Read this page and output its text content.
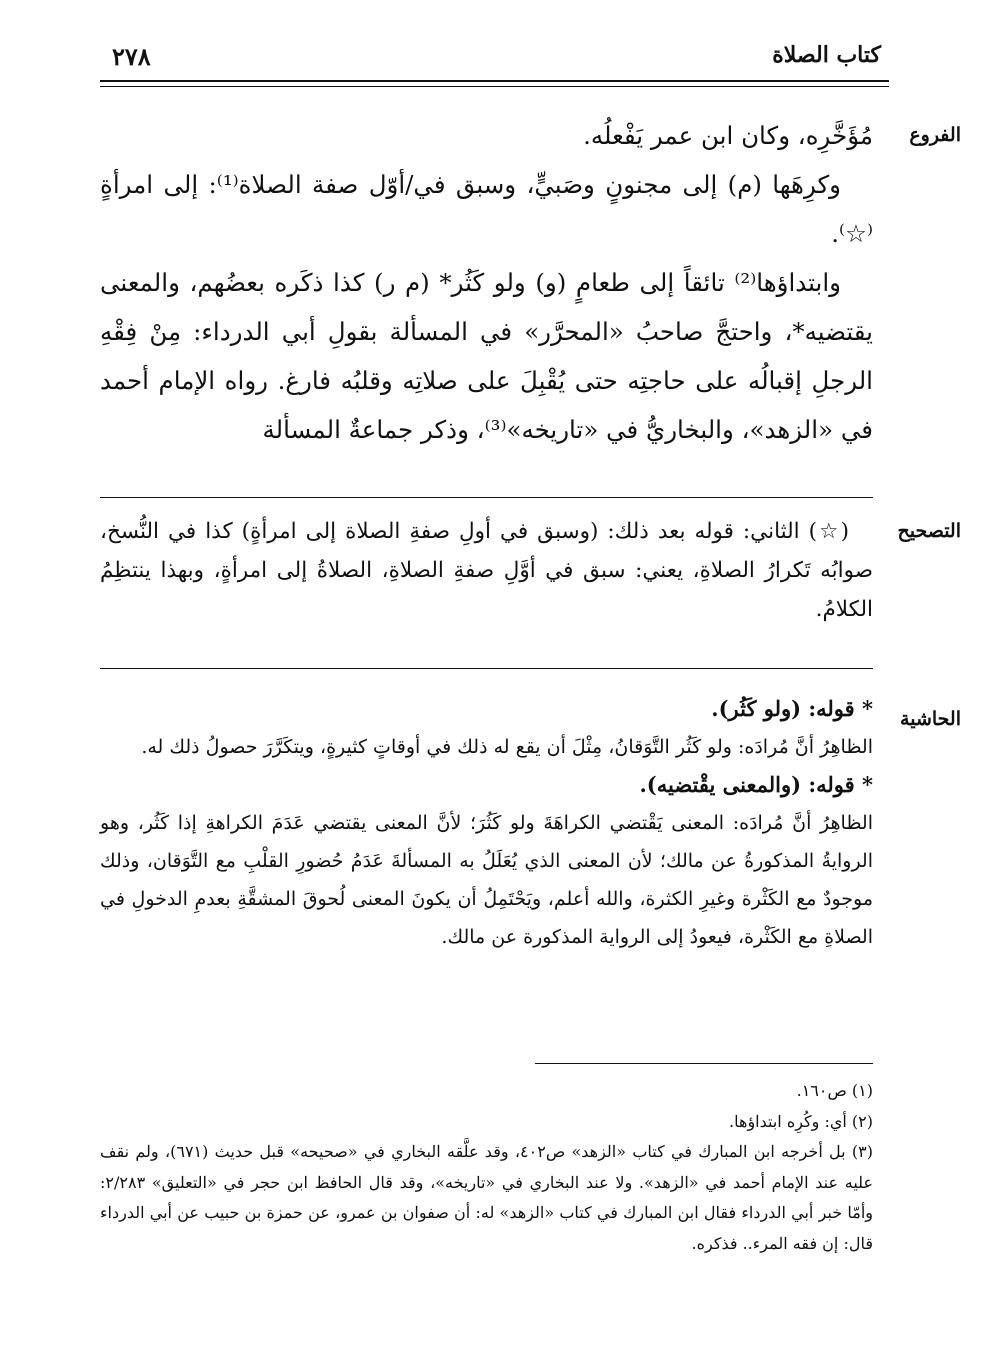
كتاب الصلاة
٢٧٨
الفروع

مُؤَخَّرِه، وكان ابن عمر يَفْعلُه.

وكرِهَها (م) إلى مجنونٍ وصَبيٍّ، وسبق في/أوّل صفة الصلاة⁽¹⁾: إلى امرأةٍ ⁽☆⁾.

وابتداؤها⁽²⁾ تائقاً إلى طعامٍ (و) ولو كَثُر* (م ر) كذا ذكَره بعضُهم، والمعنى يقتضيه*، واحتجَّ صاحبُ «المحرَّر» في المسألة بقولِ أبي الدرداء: مِنْ فِقْهِ الرجلِ إقبالُه على حاجتِه حتى يُقْبِلَ على صلاتِه وقلبُه فارغ. رواه الإمام أحمد في «الزهد»، والبخاريُّ في «تاريخه»⁽³⁾، وذكر جماعةٌ المسألة

التصحيح

(☆) الثاني: قوله بعد ذلك: (وسبق في أولِ صفةِ الصلاة إلى امرأةٍ) كذا في النُّسخ، صوابُه تَكرارُ الصلاةِ، يعني: سبق في أوَّلِ صفةِ الصلاةِ، الصلاةُ إلى امرأةٍ، وبهذا ينتظِمُ الكلامُ.

الحاشية

* قوله: (ولو كَثُر).

الظاهِرُ أنَّ مُرادَه: ولو كَثُر التَّوَقانُ، مِثْلَ أن يقع له ذلك في أوقاتٍ كثيرةٍ، ويتكَرَّرَ حصولُ ذلك له.

* قوله: (والمعنى يقْتضيه).

الظاهِرُ أنَّ مُرادَه: المعنى يَقْتضي الكراهَةَ ولو كَثُرَ؛ لأنَّ المعنى يقتضي عَدَمَ الكراهةِ إذا كَثُر، وهو الروايةُ المذكورةُ عن مالك؛ لأن المعنى الذي يُعَلَلُ به المسألةَ عَدَمُ حُضورِ القلْبِ مع التَّوَقان، وذلك موجودٌ مع الكَثْرة وغيرِ الكثرة، والله أعلم، ويَحْتَمِلُ أن يكونَ المعنى لُحوقَ المشقَّةِ بعدمِ الدخولِ في الصلاةِ مع الكَثْرة، فيعودُ إلى الرواية المذكورة عن مالك.

(١) ص١٦٠.

(٢) أي: وكُرِه ابتداؤها.

(٣) بل أخرجه ابن المبارك في كتاب «الزهد» ص٤٠٢، وقد علَّقه البخاري في «صحيحه» قبل حديث (٦٧١)، ولم نقف عليه عند الإمام أحمد في «الزهد». ولا عند البخاري في «تاريخه»، وقد قال الحافظ ابن حجر في «التعليق» ٢/٢٨٣: وأمّا خبر أبي الدرداء فقال ابن المبارك في كتاب «الزهد» له: أن صفوان بن عمرو، عن حمزة بن حبيب عن أبي الدرداء قال: إن فقه المرء.. فذكره.
